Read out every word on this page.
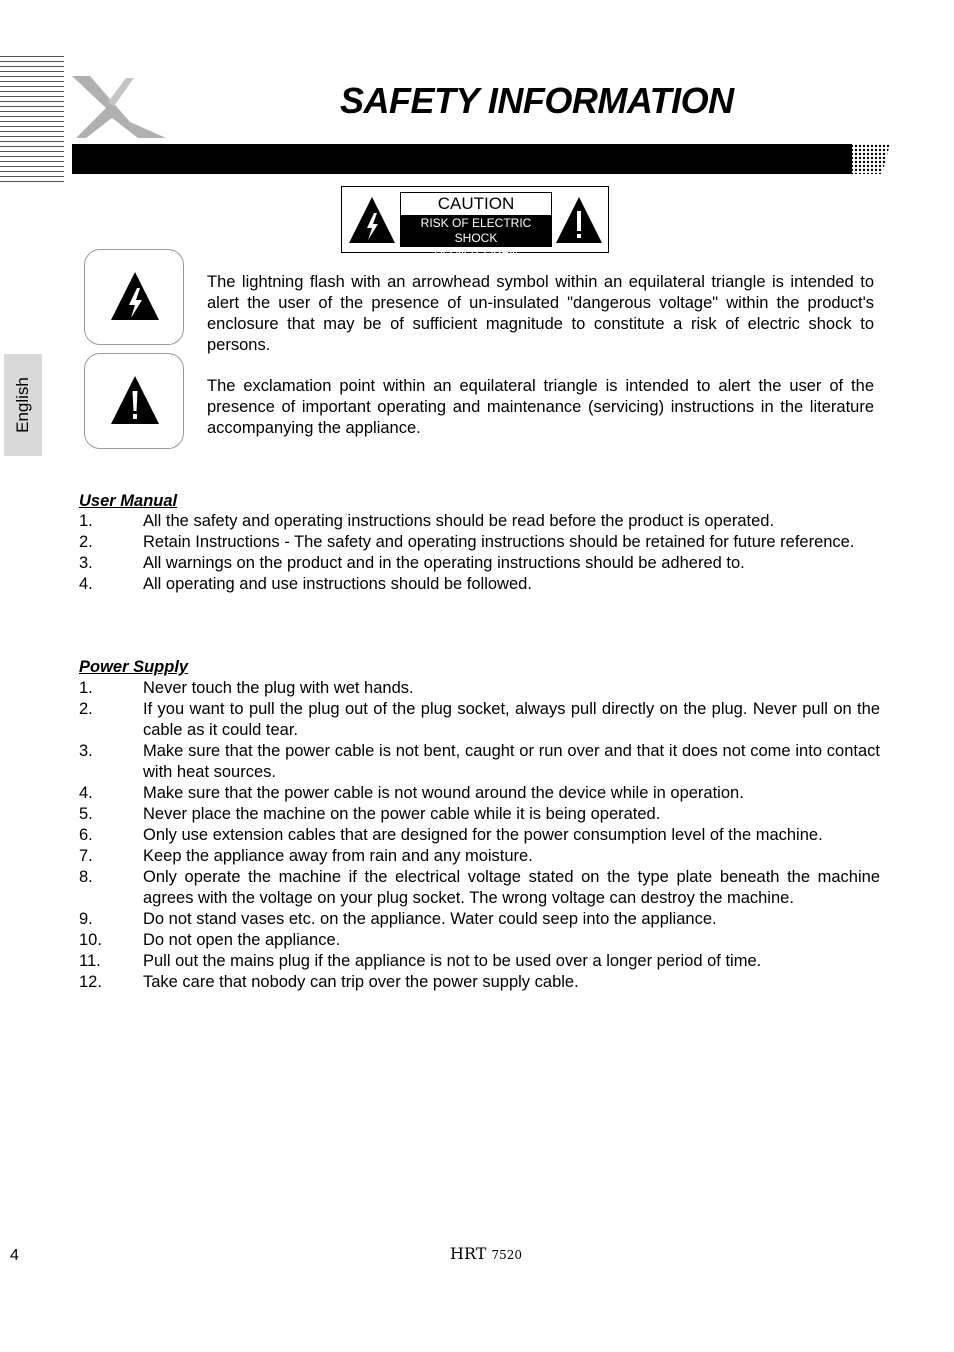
SAFETY INFORMATION
CAUTION
RISK OF ELECTRIC SHOCK
DO NOT OPEN

The lightning flash with an arrowhead symbol within an equilateral triangle is intended to alert the user of the presence of un-insulated "dangerous voltage" within the product's enclosure that may be of sufficient magnitude to constitute a risk of electric shock to persons.

The exclamation point within an equilateral triangle is intended to alert the user of the presence of important operating and maintenance (servicing) instructions in the literature accompanying the appliance.

English
User Manual
1.	All the safety and operating instructions should be read before the product is operated.
2.	Retain Instructions - The safety and operating instructions should be retained for future reference.
3.	All warnings on the product and in the operating instructions should be adhered to.
4.	All operating and use instructions should be followed.
Power Supply
1.	Never touch the plug with wet hands.
2.	If you want to pull the plug out of the plug socket, always pull directly on the plug. Never pull on the cable as it could tear.
3.	Make sure that the power cable is not bent, caught or run over and that it does not come into contact with heat sources.
4.	Make sure that the power cable is not wound around the device while in operation.
5.	Never place the machine on the power cable while it is being operated.
6.	Only use extension cables that are designed for the power consumption level of the machine.
7.	Keep the appliance away from rain and any moisture.
8.	Only operate the machine if the electrical voltage stated on the type plate beneath the machine agrees with the voltage on your plug socket. The wrong voltage can destroy the machine.
9.	Do not stand vases etc. on the appliance. Water could seep into the appliance.
10.	Do not open the appliance.
11.	Pull out the mains plug if the appliance is not to be used over a longer period of time.
12.	Take care that nobody can trip over the power supply cable.
4	HRT 7520
